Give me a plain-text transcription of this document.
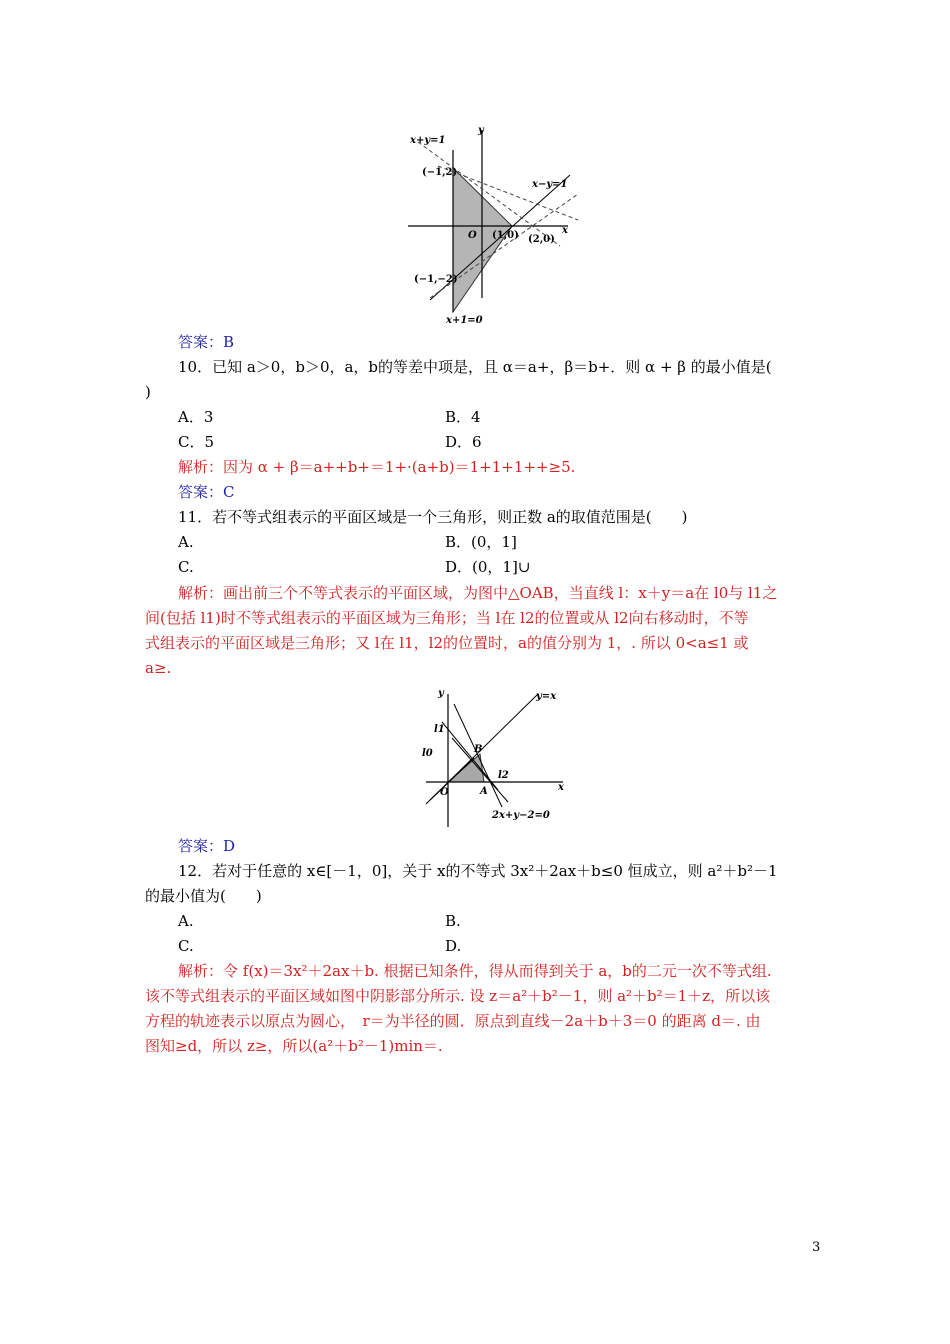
x+y=1
y
(−1,2)
x−y=1
O (1,0) (2,0)
x
(−1,−2)
x+1=0
答案：B
10．已知 a＞0，b＞0，a，b的等差中项是，且 α＝a+，β＝b+．则 α + β 的最小值是(
)
A．3	B．4
C．5	D．6
解析：因为 α + β＝a++b+＝1+·(a+b)＝1+1+1++≥5.
答案：C
11．若不等式组表示的平面区域是一个三角形，则正数 a的取值范围是(　　)
A.	B．(0，1]
C.	D．(0，1]∪
解析：画出前三个不等式表示的平面区域，为图中△OAB，当直线 l：x＋y＝a在 l0与 l1之
间(包括 l1)时不等式组表示的平面区域为三角形；当 l在 l2的位置或从 l2向右移动时，不等
式组表示的平面区域是三角形；又 l在 l1，l2的位置时，a的值分别为 1，. 所以 0<a≤1 或
a≥.
y	y=x
l1
l0	B
l2
O	A	x
2x+y−2=0
答案：D
12．若对于任意的 x∈[－1，0]，关于 x的不等式 3x²＋2ax＋b≤0 恒成立，则 a²＋b²－1
的最小值为(　　)
A.	B.
C.	D.
解析：令 f(x)＝3x²＋2ax＋b. 根据已知条件，得从而得到关于 a，b的二元一次不等式组.
该不等式组表示的平面区域如图中阴影部分所示. 设 z＝a²＋b²－1，则 a²＋b²＝1＋z，所以该
方程的轨迹表示以原点为圆心，　r＝为半径的圆．原点到直线－2a＋b＋3＝0 的距离 d＝. 由
图知≥d，所以 z≥，所以(a²＋b²－1)min＝.
3
